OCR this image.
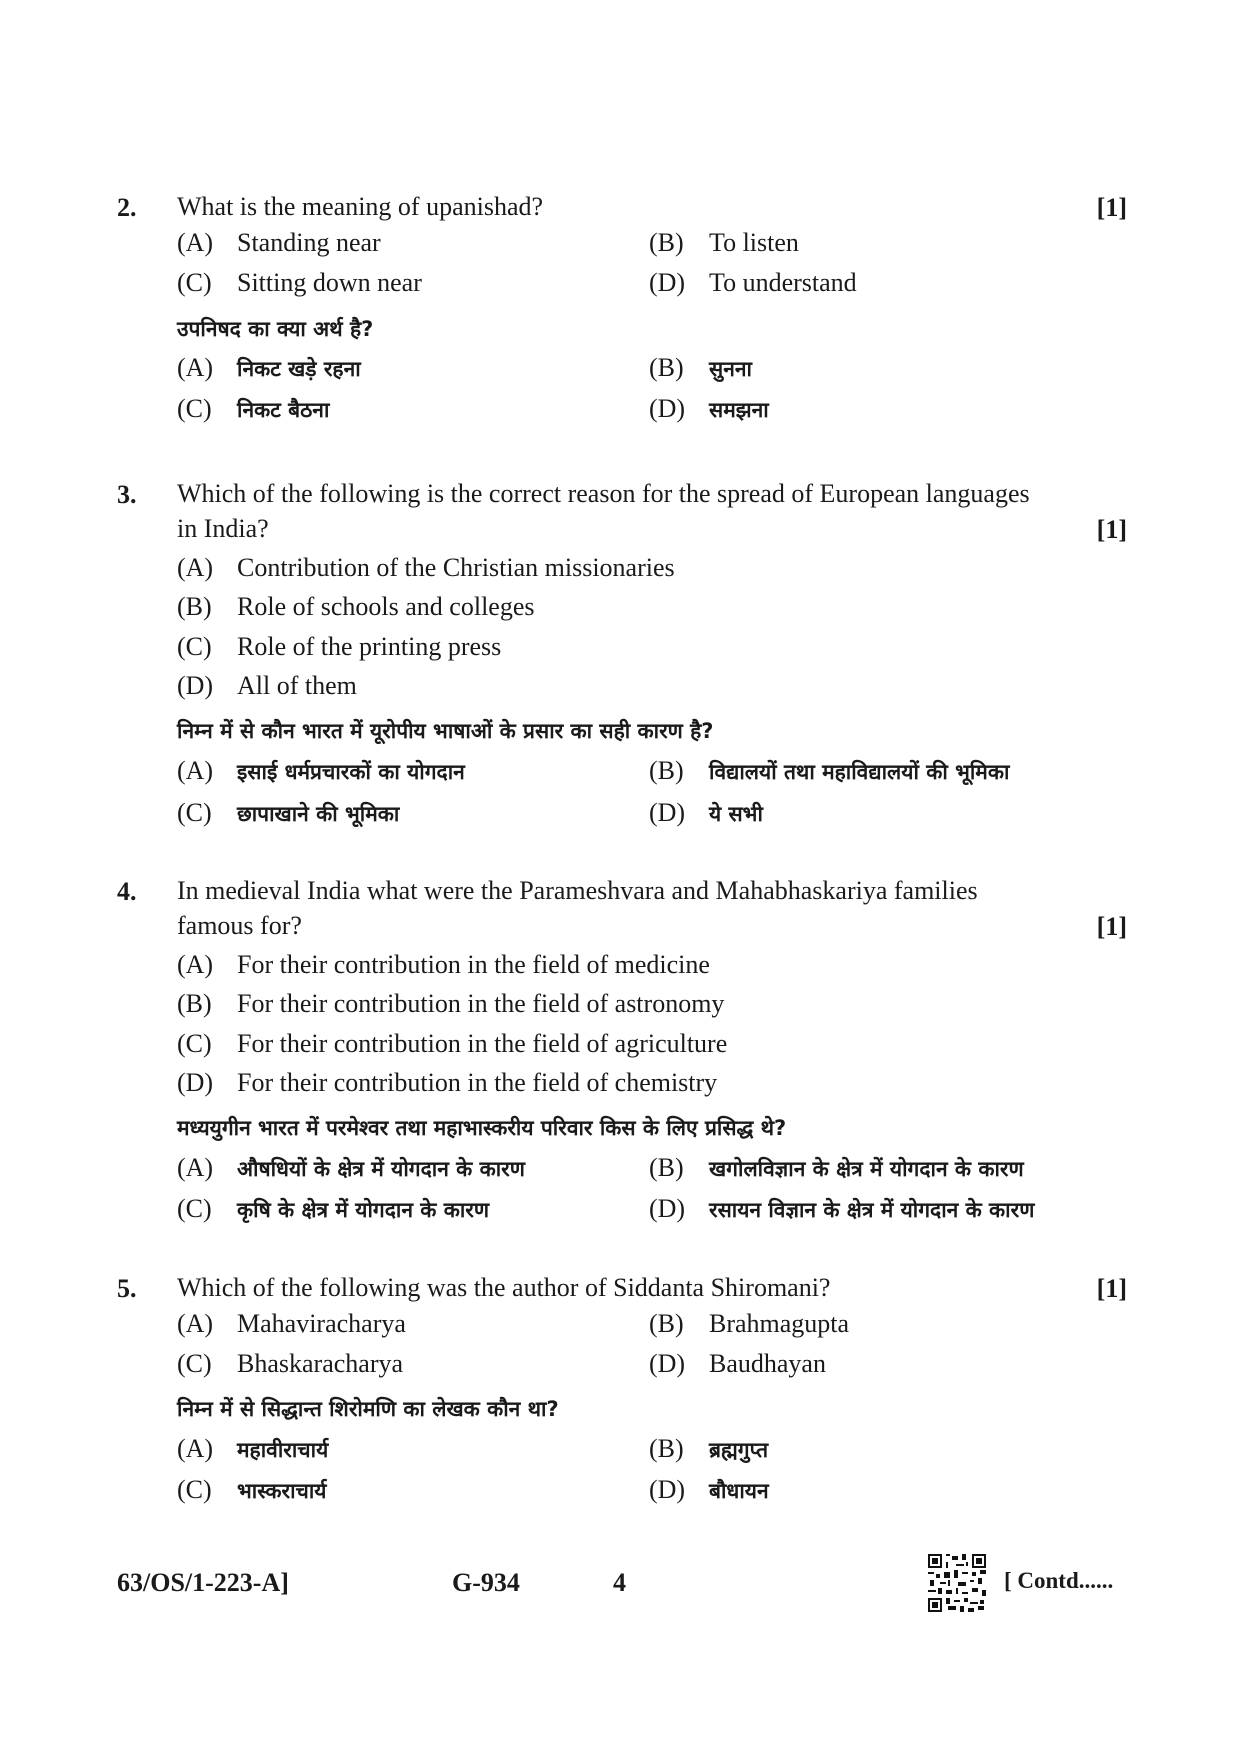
2.	[1]
What is the meaning of upanishad?
(A) Standing near	(B) To listen
(C) Sitting down near	(D) To understand
उपनिषद का क्या अर्थ है?
(A) निकट खड़े रहना	(B) सुनना
(C) निकट बैठना	(D) समझना
3. Which of the following is the correct reason for the spread of European languages
in India?	[1]
(A) Contribution of the Christian missionaries
(B) Role of schools and colleges
(C) Role of the printing press
(D) All of them
निम्न में से कौन भारत में यूरोपीय भाषाओं के प्रसार का सही कारण है?
(A) इसाई धर्मप्रचारकों का योगदान	(B) विद्यालयों तथा महाविद्यालयों की भूमिका
(C) छापाखाने की भूमिका	(D) ये सभी
4. In medieval India what were the Parameshvara and Mahabhaskariya families
famous for?	[1]
(A) For their contribution in the field of medicine
(B) For their contribution in the field of astronomy
(C) For their contribution in the field of agriculture
(D) For their contribution in the field of chemistry
मध्ययुगीन भारत में परमेश्वर तथा महाभास्करीय परिवार किस के लिए प्रसिद्ध थे?
(A) औषधियों के क्षेत्र में योगदान के कारण	(B) खगोलविज्ञान के क्षेत्र में योगदान के कारण
(C) कृषि के क्षेत्र में योगदान के कारण	(D) रसायन विज्ञान के क्षेत्र में योगदान के कारण
5.	[1]
Which of the following was the author of Siddanta Shiromani?
(A) Mahaviracharya	(B) Brahmagupta
(C) Bhaskaracharya	(D) Baudhayan
निम्न में से सिद्धान्त शिरोमणि का लेखक कौन था?
(A) महावीराचार्य	(B) ब्रह्मगुप्त
(C) भास्कराचार्य	(D) बौधायन
63/OS/1-223-A]	G-934	4	[ Contd......
